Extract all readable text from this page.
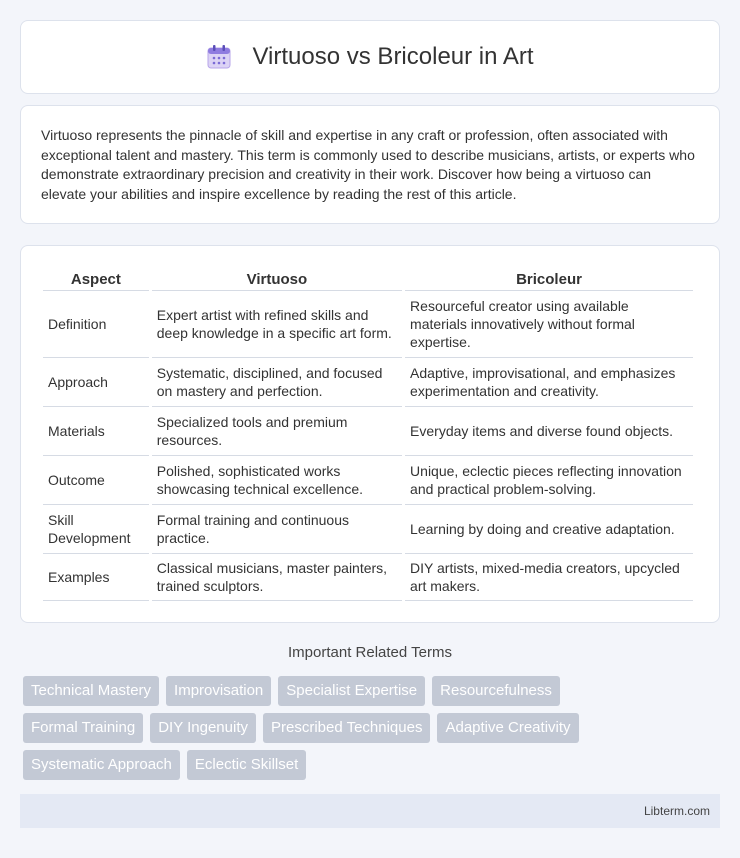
Virtuoso vs Bricoleur in Art

Virtuoso represents the pinnacle of skill and expertise in any craft or profession, often associated with exceptional talent and mastery. This term is commonly used to describe musicians, artists, or experts who demonstrate extraordinary precision and creativity in their work. Discover how being a virtuoso can elevate your abilities and inspire excellence by reading the rest of this article.

Aspect	Virtuoso	Bricoleur
Definition	Expert artist with refined skills and deep knowledge in a specific art form.	Resourceful creator using available materials innovatively without formal expertise.
Approach	Systematic, disciplined, and focused on mastery and perfection.	Adaptive, improvisational, and emphasizes experimentation and creativity.
Materials	Specialized tools and premium resources.	Everyday items and diverse found objects.
Outcome	Polished, sophisticated works showcasing technical excellence.	Unique, eclectic pieces reflecting innovation and practical problem-solving.
Skill Development	Formal training and continuous practice.	Learning by doing and creative adaptation.
Examples	Classical musicians, master painters, trained sculptors.	DIY artists, mixed-media creators, upcycled art makers.
Important Related Terms
Technical Mastery	Improvisation	Specialist Expertise	Resourcefulness
Formal Training	DIY Ingenuity	Prescribed Techniques	Adaptive Creativity
Systematic Approach	Eclectic Skillset
Libterm.com
